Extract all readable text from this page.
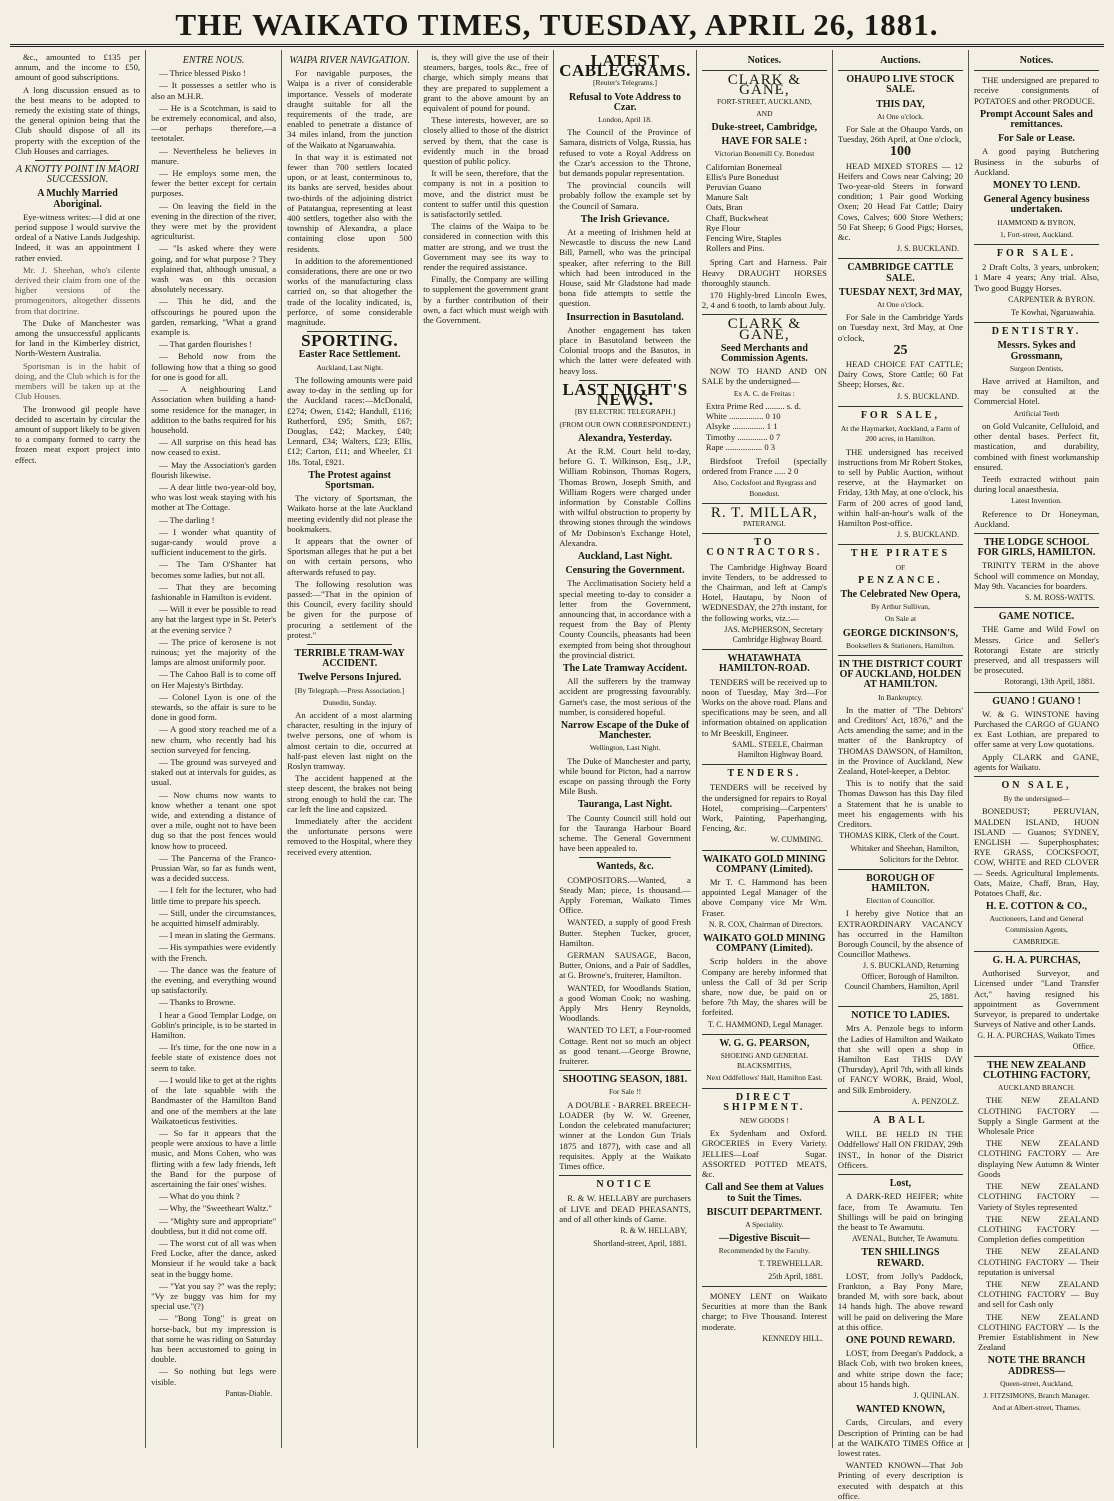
THE WAIKATO TIMES, TUESDAY, APRIL 26, 1881.

&c., amounted to £135 per annum, and the income to £50, amount of good subscriptions.

A long discussion ensued as to the best means to be adopted to remedy the existing state of things, the general opinion being that the Club should dispose of all its property with the exception of the Club Houses and carriages.

A KNOTTY POINT IN MAORI SUCCESSION.
A Muchly Married Aboriginal.

Eye-witness writes:—I did at one period suppose I would survive the ordeal of a Native Lands Judgeship. Indeed, it was an appointment I rather envied.

Mr. J. Sheehan, who's cilente derived their claim from one of the higher versions of the promogenitors, altogether dissents from that doctrine.

The Duke of Manchester was among the unsuccessful applicants for land in the Kimberley district, North-Western Australia.

Sportsman is in the habit of doing, and the Club which is for the members will be taken up at the Club Houses.

The Ironwood gil people have decided to ascertain by circular the amount of support likely to be given to a company formed to carry the frozen meat export project into effect.

ENTRE NOUS.

— Thrice blessed Pisko !

— It possesses a settler who is also an M.H.R.

— He is a Scotchman, is said to be extremely economical, and also,—or perhaps therefore,—a teetotaler.

— Nevertheless he believes in manure.

— He employs some men, the fewer the better except for certain purposes.

— On leaving the field in the evening in the direction of the river, they were met by the provident agriculturist.

— "Is asked where they were going, and for what purpose ? They explained that, although unusual, a wash was on this occasion absolutely necessary.

— This he did, and the offscourings he poured upon the garden, remarking, "What a grand example is.

— That garden flourishes !

— Behold now from the following how that a thing so good for one is good for all.

— A neighbouring Land Association when building a hand-some residence for the manager, in addition to the baths required for his household.

— All surprise on this head has now ceased to exist.

— May the Association's garden flourish likewise.

— A dear little two-year-old boy, who was lost weak staying with his mother at The Cottage.

— The darling !

— I wonder what quantity of sugar-candy would prove a sufficient inducement to the girls.

— The Tam O'Shanter hat becomes some ladies, but not all.

— That they are becoming fashionable in Hamilton is evident.

— Will it ever be possible to read any hat the largest type in St. Peter's at the evening service ?

— The price of kerosene is not ruinous; yet the majority of the lamps are almost uniformly poor.

— The Cahoo Ball is to come off on Her Majesty's Birthday.

— Colonel Lyon is one of the stewards, so the affair is sure to be done in good form.

— A good story reached me of a new chum, who recently had his section surveyed for fencing.

— The ground was surveyed and staked out at intervals for guides, as usual.

— Now chums now wants to know whether a tenant one spot wide, and extending a distance of over a mile, ought not to have been dug so that the post fences would know how to proceed.

— The Pancerna of the Franco-Prussian War, so far as funds went, was a decided success.

— I felt for the lecturer, who had little time to prepare his speech.

— Still, under the circumstances, he acquitted himself admirably.

— I mean in slating the Germans.

— His sympathies were evidently with the French.

— The dance was the feature of the evening, and everything wound up satisfactorily.

— Thanks to Browne.

I hear a Good Templar Lodge, on Goblin's principle, is to be started in Hamilton.

— It's time, for the one now in a feeble state of existence does not seem to take.

— I would like to get at the rights of the late squabble with the Bandmaster of the Hamilton Band and one of the members at the late Waikatoeticus festivities.

— So far it appears that the people were anxious to have a little music, and Mons Cohen, who was flirting with a few lady friends, left the Band for the purpose of ascertaining the fair ones' wishes.

— What do you think ?

— Why, the "Sweetheart Waltz."

— "Mighty sure and appropriate" doubtless, but it did not come off.

— The worst cut of all was when Fred Locke, after the dance, asked Monsieur if he would take a back seat in the buggy home.

— "Yat you say ?" was the reply; "Vy ze buggy vas him for my special use."(?)

— "Bong Tong" is great on horse-back, but my impression is that some he was riding on Saturday has been accustomed to going in double.

— So nothing but legs were visible.

Pantas-Diable.
WAIPA RIVER NAVIGATION.

For navigable purposes, the Waipa is a river of considerable importance. Vessels of moderate draught suitable for all the requirements of the trade, are enabled to penetrate a distance of 34 miles inland, from the junction of the Waikato at Ngaruawahia.

In that way it is estimated not fewer than 700 settlers located upon, or at least, conterminous to, its banks are served, besides about two-thirds of the adjoining district of Patatangua, representing at least 400 settlers, together also with the township of Alexandra, a place containing close upon 500 residents.

In addition to the aforementioned considerations, there are one or two works of the manufacturing class carried on, so that altogether the trade of the locality indicated, is, perforce, of some considerable magnitude.

SPORTING.
Easter Race Settlement.
Auckland, Last Night.

The following amounts were paid away to-day in the settling up for the Auckland races:—McDonald, £274; Owen, £142; Handull, £116; Rutherford, £95; Smith, £67; Douglas, £42; Mackey, £40; Lennard, £34; Walters, £23; Ellis, £12; Carton, £11; and Wheeler, £1 18s. Total, £921.

The Protest against Sportsman.

The victory of Sportsman, the Waikato horse at the late Auckland meeting evidently did not please the bookmakers.

It appears that the owner of Sportsman alleges that he put a bet on with certain persons, who afterwards refused to pay.

The following resolution was passed:—"That in the opinion of this Council, every facility should be given for the purpose of procuring a settlement of the protest."

TERRIBLE TRAM-WAY ACCIDENT.
Twelve Persons Injured.
[By Telegraph.—Press Association.]
Dunedin, Sunday.

An accident of a most alarming character, resulting in the injury of twelve persons, one of whom is almost certain to die, occurred at half-past eleven last night on the Roslyn tramway.

The accident happened at the steep descent, the brakes not being strong enough to hold the car. The car left the line and capsized.

Immediately after the accident the unfortunate persons were removed to the Hospital, where they received every attention.

is, they will give the use of their steamers, barges, tools &c., free of charge, which simply means that they are prepared to supplement a grant to the above amount by an equivalent of pound for pound.

These interests, however, are so closely allied to those of the district served by them, that the case is evidently much in the broad question of public policy.

It will be seen, therefore, that the company is not in a position to move, and the district must be content to suffer until this question is satisfactorily settled.

The claims of the Waipa to be considered in connection with this matter are strong, and we trust the Government may see its way to render the required assistance.

Finally, the Company are willing to supplement the government grant by a further contribution of their own, a fact which must weigh with the Government.

LATEST CABLEGRAMS.
[Reuter's Telegrams.]
Refusal to Vote Address to Czar.
London, April 18.

The Council of the Province of Samara, districts of Volga, Russia, has refused to vote a Royal Address on the Czar's accession to the Throne, but demands popular representation.

The provincial councils will probably follow the example set by the Council of Samara.

The Irish Grievance.

At a meeting of Irishmen held at Newcastle to discuss the new Land Bill, Parnell, who was the principal speaker, after referring to the Bill which had been introduced in the House, said Mr Gladstone had made bona fide attempts to settle the question.

Insurrection in Basutoland.

Another engagement has taken place in Basutoland between the Colonial troops and the Basutos, in which the latter were defeated with heavy loss.

LAST NIGHT'S NEWS.
[BY ELECTRIC TELEGRAPH.]
(FROM OUR OWN CORRESPONDENT.)
Alexandra, Yesterday.

At the R.M. Court held to-day, before G. T. Wilkinson, Esq., J.P., William Robinson, Thomas Rogers, Thomas Brown, Joseph Smith, and William Rogers were charged under information by Constable Collins with wilful obstruction to property by throwing stones through the windows of Mr Dobinson's Exchange Hotel, Alexandra.

Auckland, Last Night.
Censuring the Government.

The Acclimatisation Society held a special meeting to-day to consider a letter from the Government, announcing that, in accordance with a request from the Bay of Plenty County Councils, pheasants had been exempted from being shot throughout the provincial district.

The Late Tramway Accident.

All the sufferers by the tramway accident are progressing favourably. Garnet's case, the most serious of the number, is considered hopeful.

Narrow Escape of the Duke of Manchester.
Wellington, Last Night.

The Duke of Manchester and party, while bound for Picton, had a narrow escape on passing through the Forty Mile Bush.

Tauranga, Last Night.

The County Council still hold out for the Tauranga Harbour Board scheme. The General Government have been appealed to.

Wanteds, &c.

COMPOSITORS.—Wanted, a Steady Man; piece, 1s thousand.—Apply Foreman, Waikato Times Office.

WANTED, a supply of good Fresh Butter. Stephen Tucker, grocer, Hamilton.

GERMAN SAUSAGE, Bacon, Butter, Onions, and a Pair of Saddles, at G. Browne's, fruiterer, Hamilton.

WANTED, for Woodlands Station, a good Woman Cook; no washing. Apply Mrs Henry Reynolds, Woodlands.

WANTED TO LET, a Four-roomed Cottage. Rent not so much an object as good tenant.—George Browne, fruiterer.

SHOOTING SEASON, 1881.
For Sale !!

A DOUBLE - BARREL BREECH-LOADER (by W. W. Greener, London the celebrated manufacturer; winner at the London Gun Trials 1875 and 1877), with case and all requisites. Apply at the Waikato Times office.

NOTICE

R. & W. HELLABY are purchasers of LIVE and DEAD PHEASANTS, and of all other kinds of Game.

R. & W. HELLABY,
Shortland-street, April, 1881.
Notices.
CLARK & GANE,
FORT-STREET, AUCKLAND,
AND
Duke-street, Cambridge,
HAVE FOR SALE :
Victorian Bonemill Cy. Bonedust
Californian Bonemeal
Ellis's Pure Bonedust
Peruvian Guano
Manure Salt
Oats, Bran
Chaff, Buckwheat
Rye Flour
Fencing Wire, Staples
Rollers and Pins.

Spring Cart and Harness. Pair Heavy DRAUGHT HORSES thoroughly staunch.

170 Highly-bred Lincoln Ewes, 2, 4 and 6 tooth, to lamb about July.

CLARK & GANE,
Seed Merchants and Commission Agents.

NOW TO HAND AND ON SALE by the undersigned—

Ex A. C. de Freitas :
Extra Prime Red ......... s. d.
White ................ 0 10
Alsyke ............... 1 1
Timothy .............. 0 7
Rape ................. 0 3

Birdsfoot Trefoil (specially ordered from France ..... 2 0

Also, Cocksfoot and Ryegrass and Bonedust.
R. T. MILLAR,
PATERANGI.
TO CONTRACTORS.

The Cambridge Highway Board invite Tenders, to be addressed to the Chairman, and left at Camp's Hotel, Hautapu, by Noon of WEDNESDAY, the 27th instant, for the following works, viz.:—

JAS. McPHERSON, Secretary Cambridge Highway Board.
WHATAWHATA HAMILTON-ROAD.

TENDERS will be received up to noon of Tuesday, May 3rd—For Works on the above road. Plans and specifications may be seen, and all information obtained on application to Mr Beeskill, Engineer.

SAML. STEELE, Chairman Hamilton Highway Board.
TENDERS.

TENDERS will be received by the undersigned for repairs to Royal Hotel, comprising—Carpenters' Work, Painting, Paperhanging, Fencing, &c.

W. CUMMING.
WAIKATO GOLD MINING COMPANY (Limited).

Mr T. C. Hammond has been appointed Legal Manager of the above Company vice Mr Wm. Fraser.

N. R. COX, Chairman of Directors.
WAIKATO GOLD MINING COMPANY (Limited).

Scrip holders in the above Company are hereby informed that unless the Call of 3d per Scrip share, now due, be paid on or before 7th May, the shares will be forfeited.

T. C. HAMMOND, Legal Manager.
W. G. G. PEARSON,
SHOEING AND GENERAL BLACKSMITHS,
Next Oddfellows' Hall, Hamilton East.
DIRECT SHIPMENT.
NEW GOODS !

Ex Sydenham and Oxford. GROCERIES in Every Variety. JELLIES—Loaf Sugar. ASSORTED POTTED MEATS, &c.

Call and See them at Values to Suit the Times.
BISCUIT DEPARTMENT.
A Speciality.
—Digestive Biscuit—
Recommended by the Faculty.
T. TREWHELLAR.
25th April, 1881.

MONEY LENT on Waikato Securities at more than the Bank charge; to Five Thousand. Interest moderate.

KENNEDY HILL.
Auctions.
OHAUPO LIVE STOCK SALE.
THIS DAY,
At One o'clock.

For Sale at the Ohaupo Yards, on Tuesday, 26th April, at One o'clock,

100

HEAD MIXED STORES — 12 Heifers and Cows near Calving; 20 Two-year-old Steers in forward condition; 1 Pair good Working Oxen; 20 Head Fat Cattle; Dairy Cows, Calves; 600 Store Wethers; 50 Fat Sheep; 6 Good Pigs; Horses, &c.

J. S. BUCKLAND.
CAMBRIDGE CATTLE SALE.
TUESDAY NEXT, 3rd MAY,
At One o'clock.

For Sale in the Cambridge Yards on Tuesday next, 3rd May, at One o'clock,

25

HEAD CHOICE FAT CATTLE; Dairy Cows, Store Cattle; 60 Fat Sheep; Horses, &c.

J. S. BUCKLAND.
FOR SALE,
At the Haymarket, Auckland, a Farm of 200 acres, in Hamilton.

THE undersigned has received instructions from Mr Robert Stokes, to sell by Public Auction, without reserve, at the Haymarket on Friday, 13th May, at one o'clock, his Farm of 200 acres of good land, within half-an-hour's walk of the Hamilton Post-office.

J. S. BUCKLAND.
THE PIRATES
OF
PENZANCE.
The Celebrated New Opera,
By Arthur Sullivan,
On Sale at
GEORGE DICKINSON'S,
Booksellers & Stationers, Hamilton.
IN THE DISTRICT COURT OF AUCKLAND, HOLDEN AT HAMILTON.
In Bankruptcy.

In the matter of "The Debtors' and Creditors' Act, 1876," and the Acts amending the same; and in the matter of the Bankruptcy of THOMAS DAWSON, of Hamilton, in the Province of Auckland, New Zealand, Hotel-keeper, a Debtor.

This is to notify that the said Thomas Dawson has this Day filed a Statement that he is unable to meet his engagements with his Creditors.

THOMAS KIRK, Clerk of the Court.
Whitaker and Sheehan, Hamilton, Solicitors for the Debtor.
BOROUGH OF HAMILTON.
Election of Councillor.

I hereby give Notice that an EXTRAORDINARY VACANCY has occurred in the Hamilton Borough Council, by the absence of Councillor Mathews.

J. S. BUCKLAND, Returning Officer, Borough of Hamilton. Council Chambers, Hamilton, April 25, 1881.
NOTICE TO LADIES.

Mrs A. Penzole begs to inform the Ladies of Hamilton and Waikato that she will open a shop in Hamilton East THIS DAY (Thursday), April 7th, with all kinds of FANCY WORK, Braid, Wool, and Silk Embroidery.

A. PENZOLZ.
A BALL

WILL BE HELD IN THE Oddfellows' Hall ON FRIDAY, 29th INST., In honor of the District Officers.

Lost,

A DARK-RED HEIFER; white face, from Te Awamutu. Ten Shillings will be paid on bringing the beast to Te Awamutu.

AVENAL, Butcher, Te Awamutu.
TEN SHILLINGS REWARD.

LOST, from Jolly's Paddock, Frankton, a Bay Pony Mare, branded M, with sore back, about 14 hands high. The above reward will be paid on delivering the Mare at this office.

ONE POUND REWARD.

LOST, from Deegan's Paddock, a Black Cob, with two broken knees, and white stripe down the face; about 15 hands high.

J. QUINLAN.
WANTED KNOWN,

Cards, Circulars, and every Description of Printing can be had at the WAIKATO TIMES Office at lowest rates.

WANTED KNOWN—That Job Printing of every description is executed with despatch at this office.

Notices.

THE undersigned are prepared to receive consignments of POTATOES and other PRODUCE.

Prompt Account Sales and remittances.
For Sale or Lease.

A good paying Butchering Business in the suburbs of Auckland.

MONEY TO LEND.
General Agency business undertaken.
HAMMOND & BYRON,
1, Fort-street, Auckland.
FOR SALE.

2 Draft Colts, 3 years, unbroken; 1 Mare 4 years; Any trial. Also, Two good Buggy Horses.

CARPENTER & BYRON.
Te Kowhai, Ngaruawahia.
DENTISTRY.
Messrs. Sykes and Grossmann,
Surgeon Dentists,

Have arrived at Hamilton, and may be consulted at the Commercial Hotel.

Artificial Teeth

on Gold Vulcanite, Celluloid, and other dental bases. Perfect fit, mastication, and durability, combined with finest workmanship ensured.

Teeth extracted without pain during local anaesthesia.

Latest Invention.

Reference to Dr Honeyman, Auckland.

THE LODGE SCHOOL FOR GIRLS, HAMILTON.

TRINITY TERM in the above School will commence on Monday, May 9th. Vacancies for boarders.

S. M. ROSS-WATTS.
GAME NOTICE.

THE Game and Wild Fowl on Messrs. Grice and Seller's Rotorangi Estate are strictly preserved, and all trespassers will be prosecuted.

Rotorangi, 13th April, 1881.
GUANO ! GUANO !

W. & G. WINSTONE having Purchased the CARGO of GUANO ex East Lothian, are prepared to offer same at very Low quotations.

Apply CLARK and GANE, agents for Waikato.

ON SALE,
By the undersigned—

BONEDUST; PERUVIAN, MALDEN ISLAND, HUON ISLAND — Guanos; SYDNEY, ENGLISH — Superphosphates; RYE GRASS, COCKSFOOT, COW, WHITE and RED CLOVER — Seeds. Agricultural Implements. Oats, Maize, Chaff, Bran, Hay, Potatoes Chaff, &c.

H. E. COTTON & CO.,
Auctioneers, Land and General Commission Agents,
CAMBRIDGE.
G. H. A. PURCHAS,

Authorised Surveyor, and Licensed under "Land Transfer Act," having resigned his appointment as Government Surveyor, is prepared to undertake Surveys of Native and other Lands.

G. H. A. PURCHAS, Waikato Times Office.
THE NEW ZEALAND CLOTHING FACTORY,
AUCKLAND BRANCH.

THE NEW ZEALAND CLOTHING FACTORY — Supply a Single Garment at the Wholesale Price

THE NEW ZEALAND CLOTHING FACTORY — Are displaying New Autumn & Winter Goods

THE NEW ZEALAND CLOTHING FACTORY — Variety of Styles represented

THE NEW ZEALAND CLOTHING FACTORY — Completion defies competition

THE NEW ZEALAND CLOTHING FACTORY — Their reputation is universal

THE NEW ZEALAND CLOTHING FACTORY — Buy and sell for Cash only

THE NEW ZEALAND CLOTHING FACTORY — Is the Premier Establishment in New Zealand

NOTE THE BRANCH ADDRESS—
Queen-street, Auckland,
J. FITZSIMONS, Branch Manager.
And at Albert-street, Thames.
